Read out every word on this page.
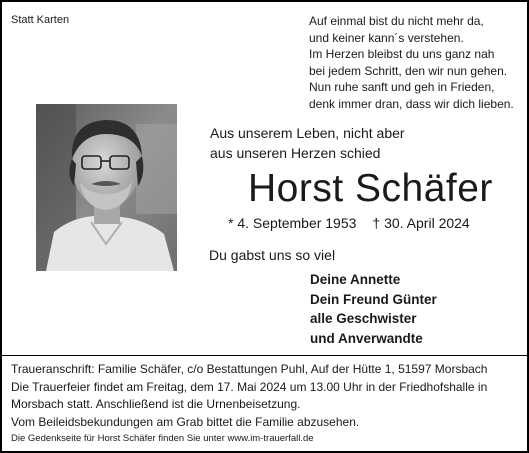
Statt Karten	Auf einmal bist du nicht mehr da,
und keiner kann´s verstehen.
Im Herzen bleibst du uns ganz nah
bei jedem Schritt, den wir nun gehen.
Nun ruhe sanft und geh in Frieden,
denk immer dran, dass wir dich lieben.
Aus unserem Leben, nicht aber
aus unseren Herzen schied
Horst Schäfer
* 4. September 1953 † 30. April 2024
Du gabst uns so viel
Deine Annette
Dein Freund Günter
alle Geschwister
und Anverwandte
Traueranschrift: Familie Schäfer, c/o Bestattungen Puhl, Auf der Hütte 1, 51597 Morsbach
Die Trauerfeier findet am Freitag, dem 17. Mai 2024 um 13.00 Uhr in der Friedhofshalle in Morsbach statt. Anschließend ist die Urnenbeisetzung.
Vom Beileidsbekundungen am Grab bittet die Familie abzusehen.
Die Gedenkseite für Horst Schäfer finden Sie unter www.im-trauerfall.de
